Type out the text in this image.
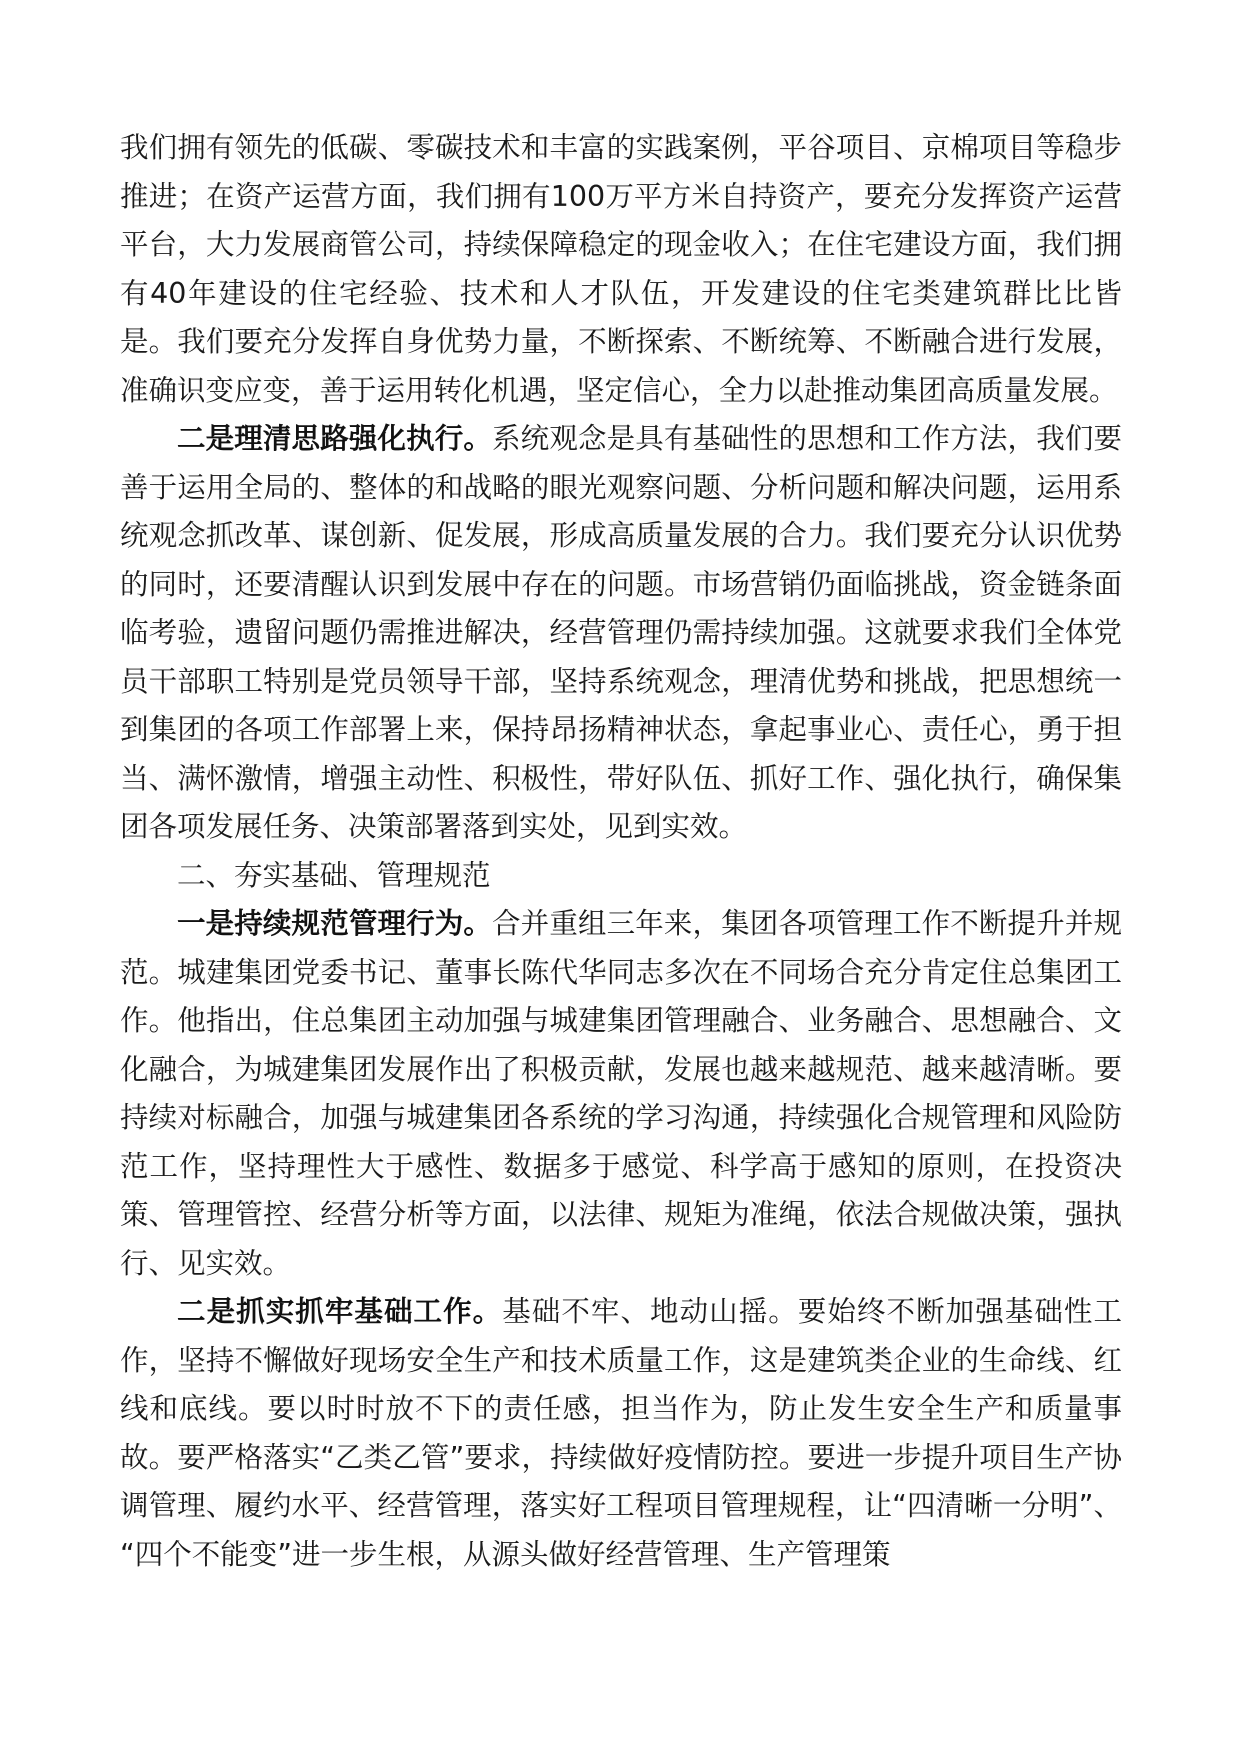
我们拥有领先的低碳、零碳技术和丰富的实践案例，平谷项目、京棉项目等稳步推进；在资产运营方面，我们拥有100万平方米自持资产，要充分发挥资产运营平台，大力发展商管公司，持续保障稳定的现金收入；在住宅建设方面，我们拥有40年建设的住宅经验、技术和人才队伍，开发建设的住宅类建筑群比比皆是。我们要充分发挥自身优势力量，不断探索、不断统筹、不断融合进行发展，准确识变应变，善于运用转化机遇，坚定信心，全力以赴推动集团高质量发展。

二是理清思路强化执行。系统观念是具有基础性的思想和工作方法，我们要善于运用全局的、整体的和战略的眼光观察问题、分析问题和解决问题，运用系统观念抓改革、谋创新、促发展，形成高质量发展的合力。我们要充分认识优势的同时，还要清醒认识到发展中存在的问题。市场营销仍面临挑战，资金链条面临考验，遗留问题仍需推进解决，经营管理仍需持续加强。这就要求我们全体党员干部职工特别是党员领导干部，坚持系统观念，理清优势和挑战，把思想统一到集团的各项工作部署上来，保持昂扬精神状态，拿起事业心、责任心，勇于担当、满怀激情，增强主动性、积极性，带好队伍、抓好工作、强化执行，确保集团各项发展任务、决策部署落到实处，见到实效。

二、夯实基础、管理规范

一是持续规范管理行为。合并重组三年来，集团各项管理工作不断提升并规范。城建集团党委书记、董事长陈代华同志多次在不同场合充分肯定住总集团工作。他指出，住总集团主动加强与城建集团管理融合、业务融合、思想融合、文化融合，为城建集团发展作出了积极贡献，发展也越来越规范、越来越清晰。要持续对标融合，加强与城建集团各系统的学习沟通，持续强化合规管理和风险防范工作，坚持理性大于感性、数据多于感觉、科学高于感知的原则，在投资决策、管理管控、经营分析等方面，以法律、规矩为准绳，依法合规做决策，强执行、见实效。

二是抓实抓牢基础工作。基础不牢、地动山摇。要始终不断加强基础性工作，坚持不懈做好现场安全生产和技术质量工作，这是建筑类企业的生命线、红线和底线。要以时时放不下的责任感，担当作为，防止发生安全生产和质量事故。要严格落实“乙类乙管”要求，持续做好疫情防控。要进一步提升项目生产协调管理、履约水平、经营管理，落实好工程项目管理规程，让“四清晰一分明”、 “四个不能变”进一步生根，从源头做好经营管理、生产管理策
